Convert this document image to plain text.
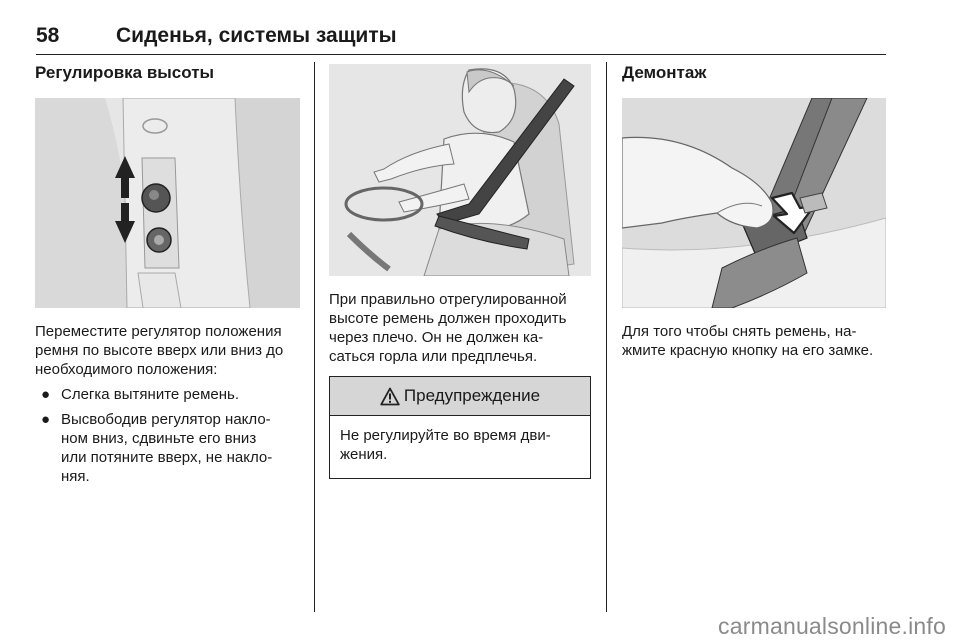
58	Сиденья, системы защиты
Регулировка высоты

Переместите регулятор положения
ремня по высоте вверх или вниз до
необходимого положения:

● Слегка вытяните ремень.
● Высвободив регулятор накло-
ном вниз, сдвиньте его вниз
или потяните вверх, не накло-
няя.

При правильно отрегулированной
высоте ремень должен проходить
через плечо. Он не должен ка-
саться горла или предплечья.

Предупреждение
Не регулируйте во время дви-
жения.
Демонтаж

Для того чтобы снять ремень, на-
жмите красную кнопку на его замке.

carmanualsonline.info
